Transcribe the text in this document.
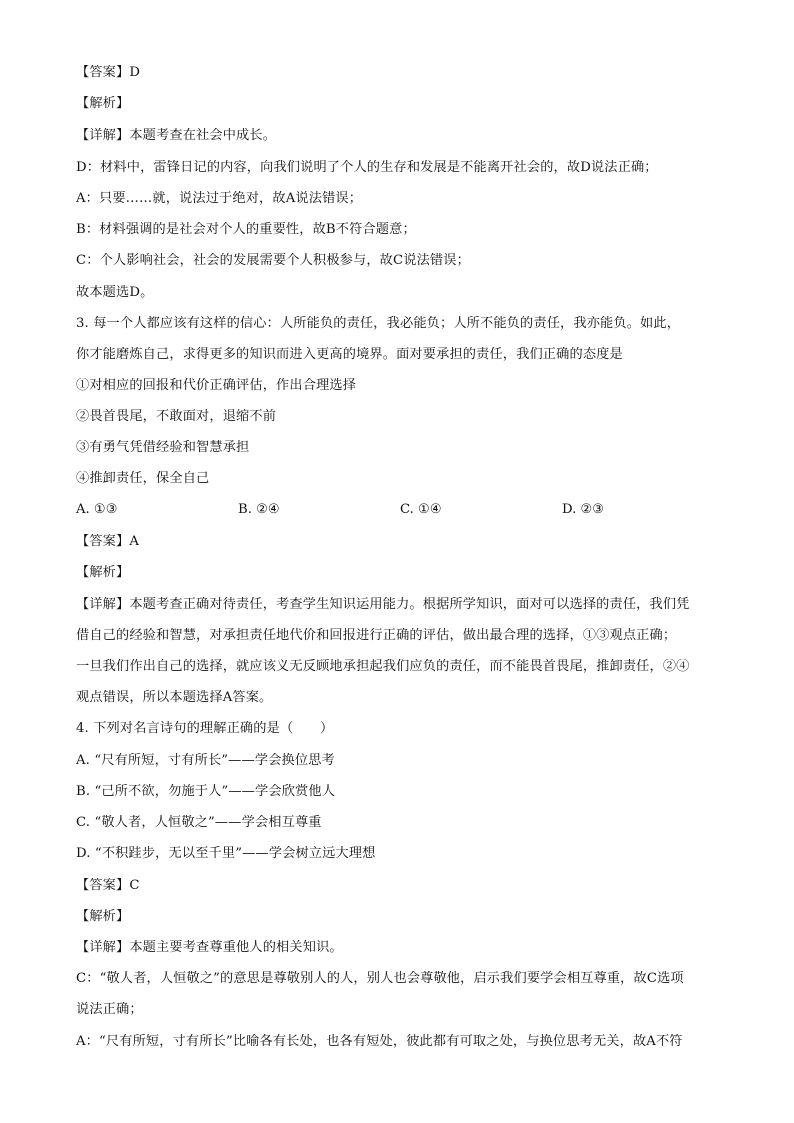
【答案】D
【解析】
【详解】本题考查在社会中成长。
D：材料中，雷锋日记的内容，向我们说明了个人的生存和发展是不能离开社会的，故D说法正确；
A：只要……就，说法过于绝对，故A说法错误；
B：材料强调的是社会对个人的重要性，故B不符合题意；
C：个人影响社会，社会的发展需要个人积极参与，故C说法错误；
故本题选D。
3. 每一个人都应该有这样的信心：人所能负的责任，我必能负；人所不能负的责任，我亦能负。如此，
你才能磨炼自己，求得更多的知识而进入更高的境界。面对要承担的责任，我们正确的态度是
①对相应的回报和代价正确评估，作出合理选择
②畏首畏尾，不敢面对，退缩不前
③有勇气凭借经验和智慧承担
④推卸责任，保全自己
A. ①③	B. ②④	C. ①④	D. ②③
【答案】A
【解析】
【详解】本题考查正确对待责任，考查学生知识运用能力。根据所学知识，面对可以选择的责任，我们凭
借自己的经验和智慧，对承担责任地代价和回报进行正确的评估，做出最合理的选择，①③观点正确；
一旦我们作出自己的选择，就应该义无反顾地承担起我们应负的责任，而不能畏首畏尾，推卸责任，②④
观点错误，所以本题选择A答案。
4. 下列对名言诗句的理解正确的是（　　）
A. “尺有所短，寸有所长”——学会换位思考
B. “己所不欲，勿施于人”——学会欣赏他人
C. “敬人者，人恒敬之”——学会相互尊重
D. “不积跬步，无以至千里”——学会树立远大理想
【答案】C
【解析】
【详解】本题主要考查尊重他人的相关知识。
C：“敬人者，人恒敬之”的意思是尊敬别人的人，别人也会尊敬他，启示我们要学会相互尊重，故C选项
说法正确；
A：“尺有所短，寸有所长”比喻各有长处，也各有短处，彼此都有可取之处，与换位思考无关，故A不符
